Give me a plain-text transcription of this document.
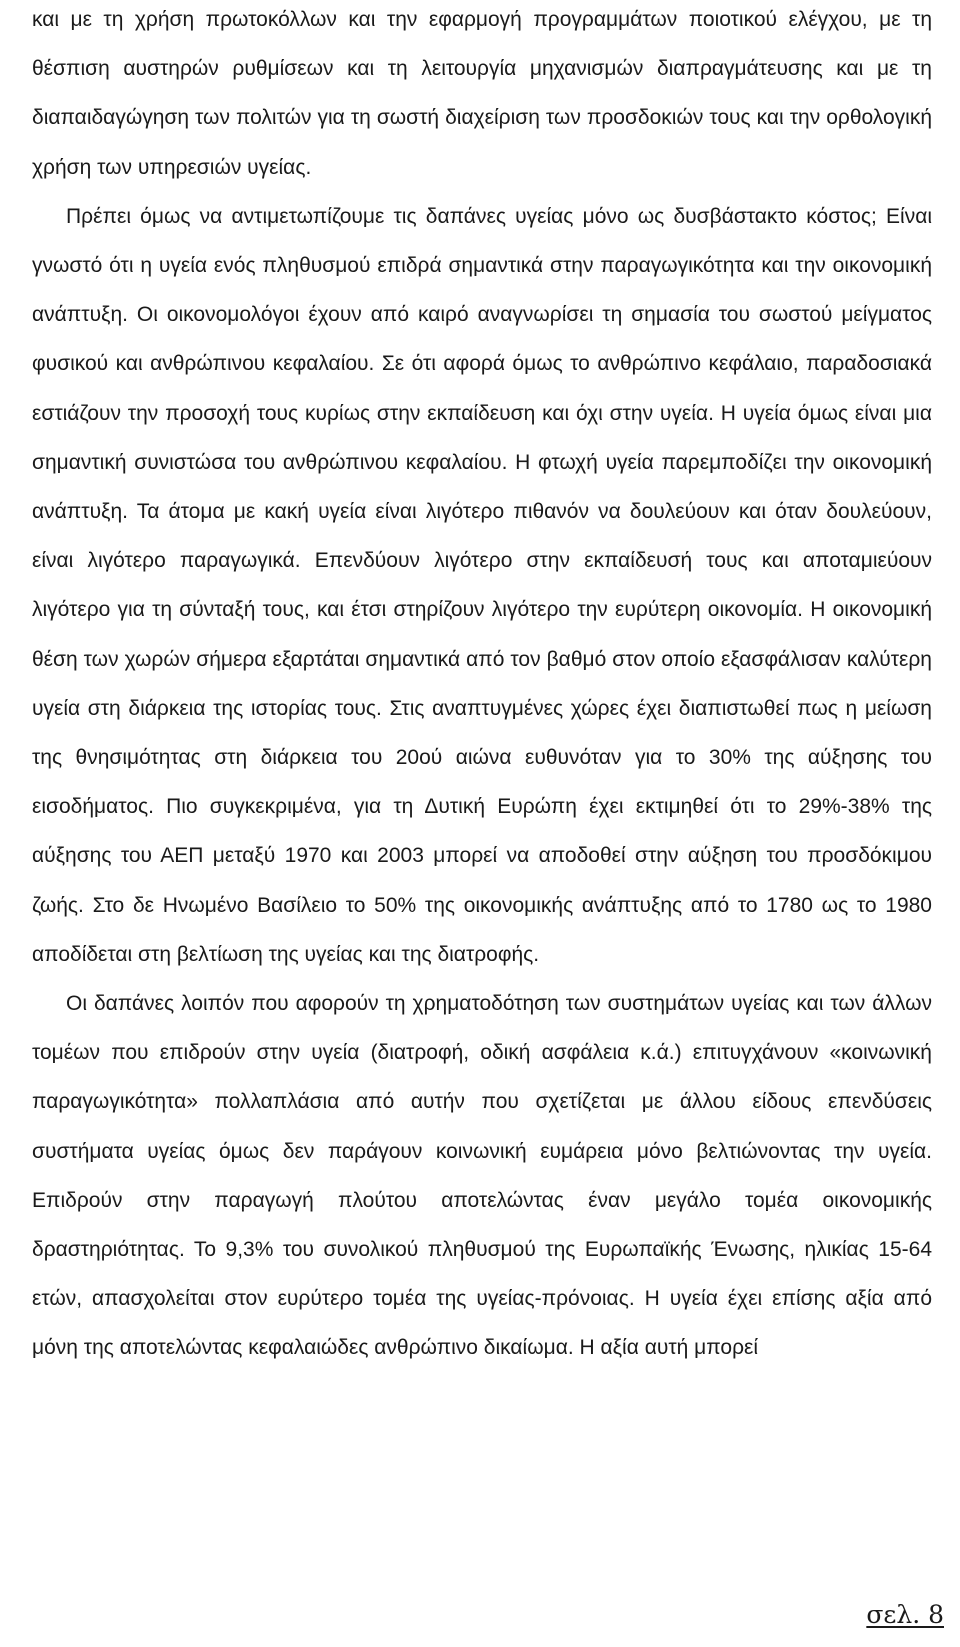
και με τη χρήση πρωτοκόλλων και την εφαρμογή προγραμμάτων ποιοτικού ελέγχου, με τη θέσπιση αυστηρών ρυθμίσεων και τη λειτουργία μηχανισμών διαπραγμάτευσης και με τη διαπαιδαγώγηση των πολιτών για τη σωστή διαχείριση των προσδοκιών τους και την ορθολογική χρήση των υπηρεσιών υγείας.

Πρέπει όμως να αντιμετωπίζουμε τις δαπάνες υγείας μόνο ως δυσβάστακτο κόστος; Είναι γνωστό ότι η υγεία ενός πληθυσμού επιδρά σημαντικά στην παραγωγικότητα και την οικονομική ανάπτυξη. Οι οικονομολόγοι έχουν από καιρό αναγνωρίσει τη σημασία του σωστού μείγματος φυσικού και ανθρώπινου κεφαλαίου. Σε ότι αφορά όμως το ανθρώπινο κεφάλαιο, παραδοσιακά εστιάζουν την προσοχή τους κυρίως στην εκπαίδευση και όχι στην υγεία. Η υγεία όμως είναι μια σημαντική συνιστώσα του ανθρώπινου κεφαλαίου. Η φτωχή υγεία παρεμποδίζει την οικονομική ανάπτυξη. Τα άτομα με κακή υγεία είναι λιγότερο πιθανόν να δουλεύουν και όταν δουλεύουν, είναι λιγότερο παραγωγικά. Επενδύουν λιγότερο στην εκπαίδευσή τους και αποταμιεύουν λιγότερο για τη σύνταξή τους, και έτσι στηρίζουν λιγότερο την ευρύτερη οικονομία. Η οικονομική θέση των χωρών σήμερα εξαρτάται σημαντικά από τον βαθμό στον οποίο εξασφάλισαν καλύτερη υγεία στη διάρκεια της ιστορίας τους. Στις αναπτυγμένες χώρες έχει διαπιστωθεί πως η μείωση της θνησιμότητας στη διάρκεια του 20ού αιώνα ευθυνόταν για το 30% της αύξησης του εισοδήματος. Πιο συγκεκριμένα, για τη Δυτική Ευρώπη έχει εκτιμηθεί ότι το 29%-38% της αύξησης του ΑΕΠ μεταξύ 1970 και 2003 μπορεί να αποδοθεί στην αύξηση του προσδόκιμου ζωής. Στο δε Ηνωμένο Βασίλειο το 50% της οικονομικής ανάπτυξης από το 1780 ως το 1980 αποδίδεται στη βελτίωση της υγείας και της διατροφής.

Οι δαπάνες λοιπόν που αφορούν τη χρηματοδότηση των συστημάτων υγείας και των άλλων τομέων που επιδρούν στην υγεία (διατροφή, οδική ασφάλεια κ.ά.) επιτυγχάνουν «κοινωνική παραγωγικότητα» πολλαπλάσια από αυτήν που σχετίζεται με άλλου είδους επενδύσεις συστήματα υγείας όμως δεν παράγουν κοινωνική ευμάρεια μόνο βελτιώνοντας την υγεία. Επιδρούν στην παραγωγή πλούτου αποτελώντας έναν μεγάλο τομέα οικονομικής δραστηριότητας. Το 9,3% του συνολικού πληθυσμού της Ευρωπαϊκής Ένωσης, ηλικίας 15-64 ετών, απασχολείται στον ευρύτερο τομέα της υγείας-πρόνοιας. Η υγεία έχει επίσης αξία από μόνη της αποτελώντας κεφαλαιώδες ανθρώπινο δικαίωμα. Η αξία αυτή μπορεί

σελ. 8
